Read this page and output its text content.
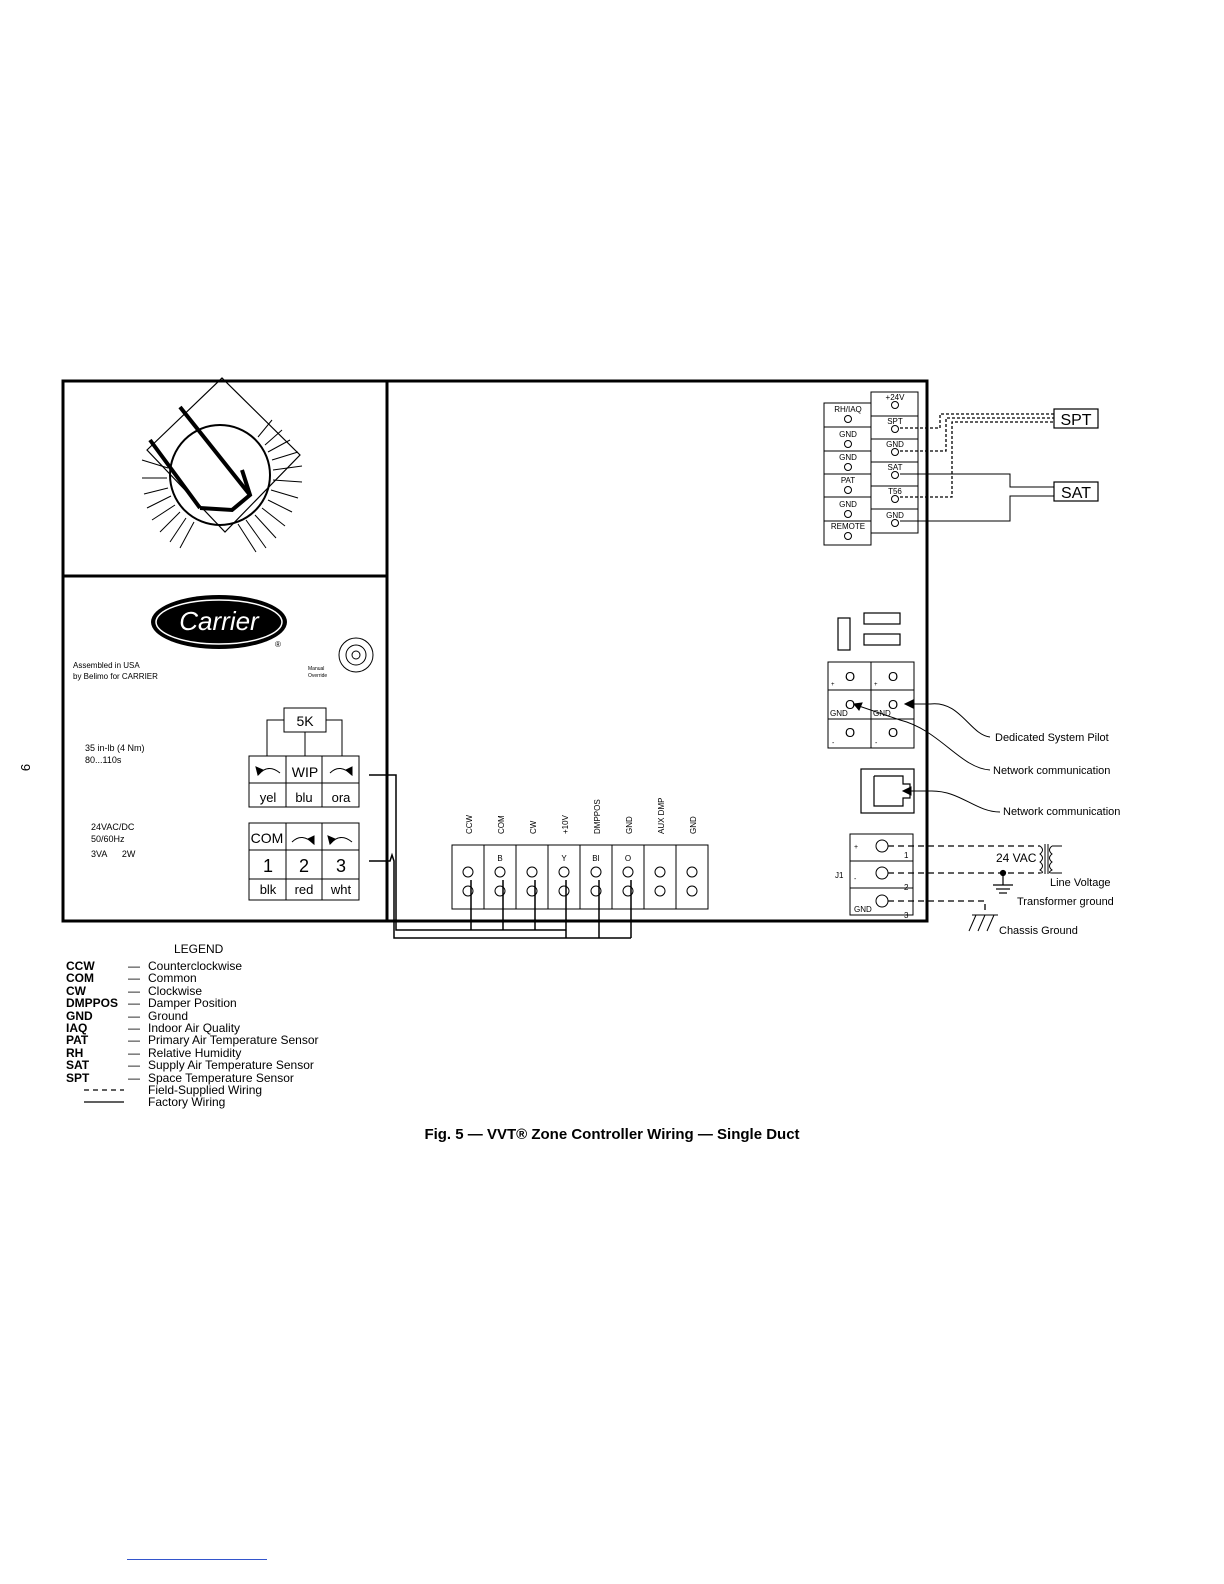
Carrier
®
Assembled in USA
by Belimo for CARRIER
Manual
Override
35 in-lb (4 Nm)
80...110s
24VAC/DC
50/60Hz
3VA      2W
5K
WIP
yel blu ora
COM
1 2 3
blk red wht
CCW	COM
B
CW	+10V
Y
DMPPOS
BI
GND
O
AUX DMP	GND
RH/IAQ
GND
GND
PAT
GND
REMOTE
+24V
SPT
GND
SAT
T56
GND
SPT
SAT
O
O
O
+
GND
-
O
O
O
+
GND
-	Dedicated System Pilot
Network communication
Network communication
+
1
-
2
GND
3
J1
24 VAC
Line Voltage
Transformer ground
Chassis Ground
9
LEGEND
CCW	— Counterclockwise
COM	— Common
CW	— Clockwise
DMPPOS — Damper Position
GND	— Ground
IAQ	— Indoor Air Quality
PAT	— Primary Air Temperature Sensor
RH	— Relative Humidity
SAT	— Supply Air Temperature Sensor
SPT	— Space Temperature Sensor
Field-Supplied Wiring
Factory Wiring
Fig. 5 — VVT® Zone Controller Wiring — Single Duct
